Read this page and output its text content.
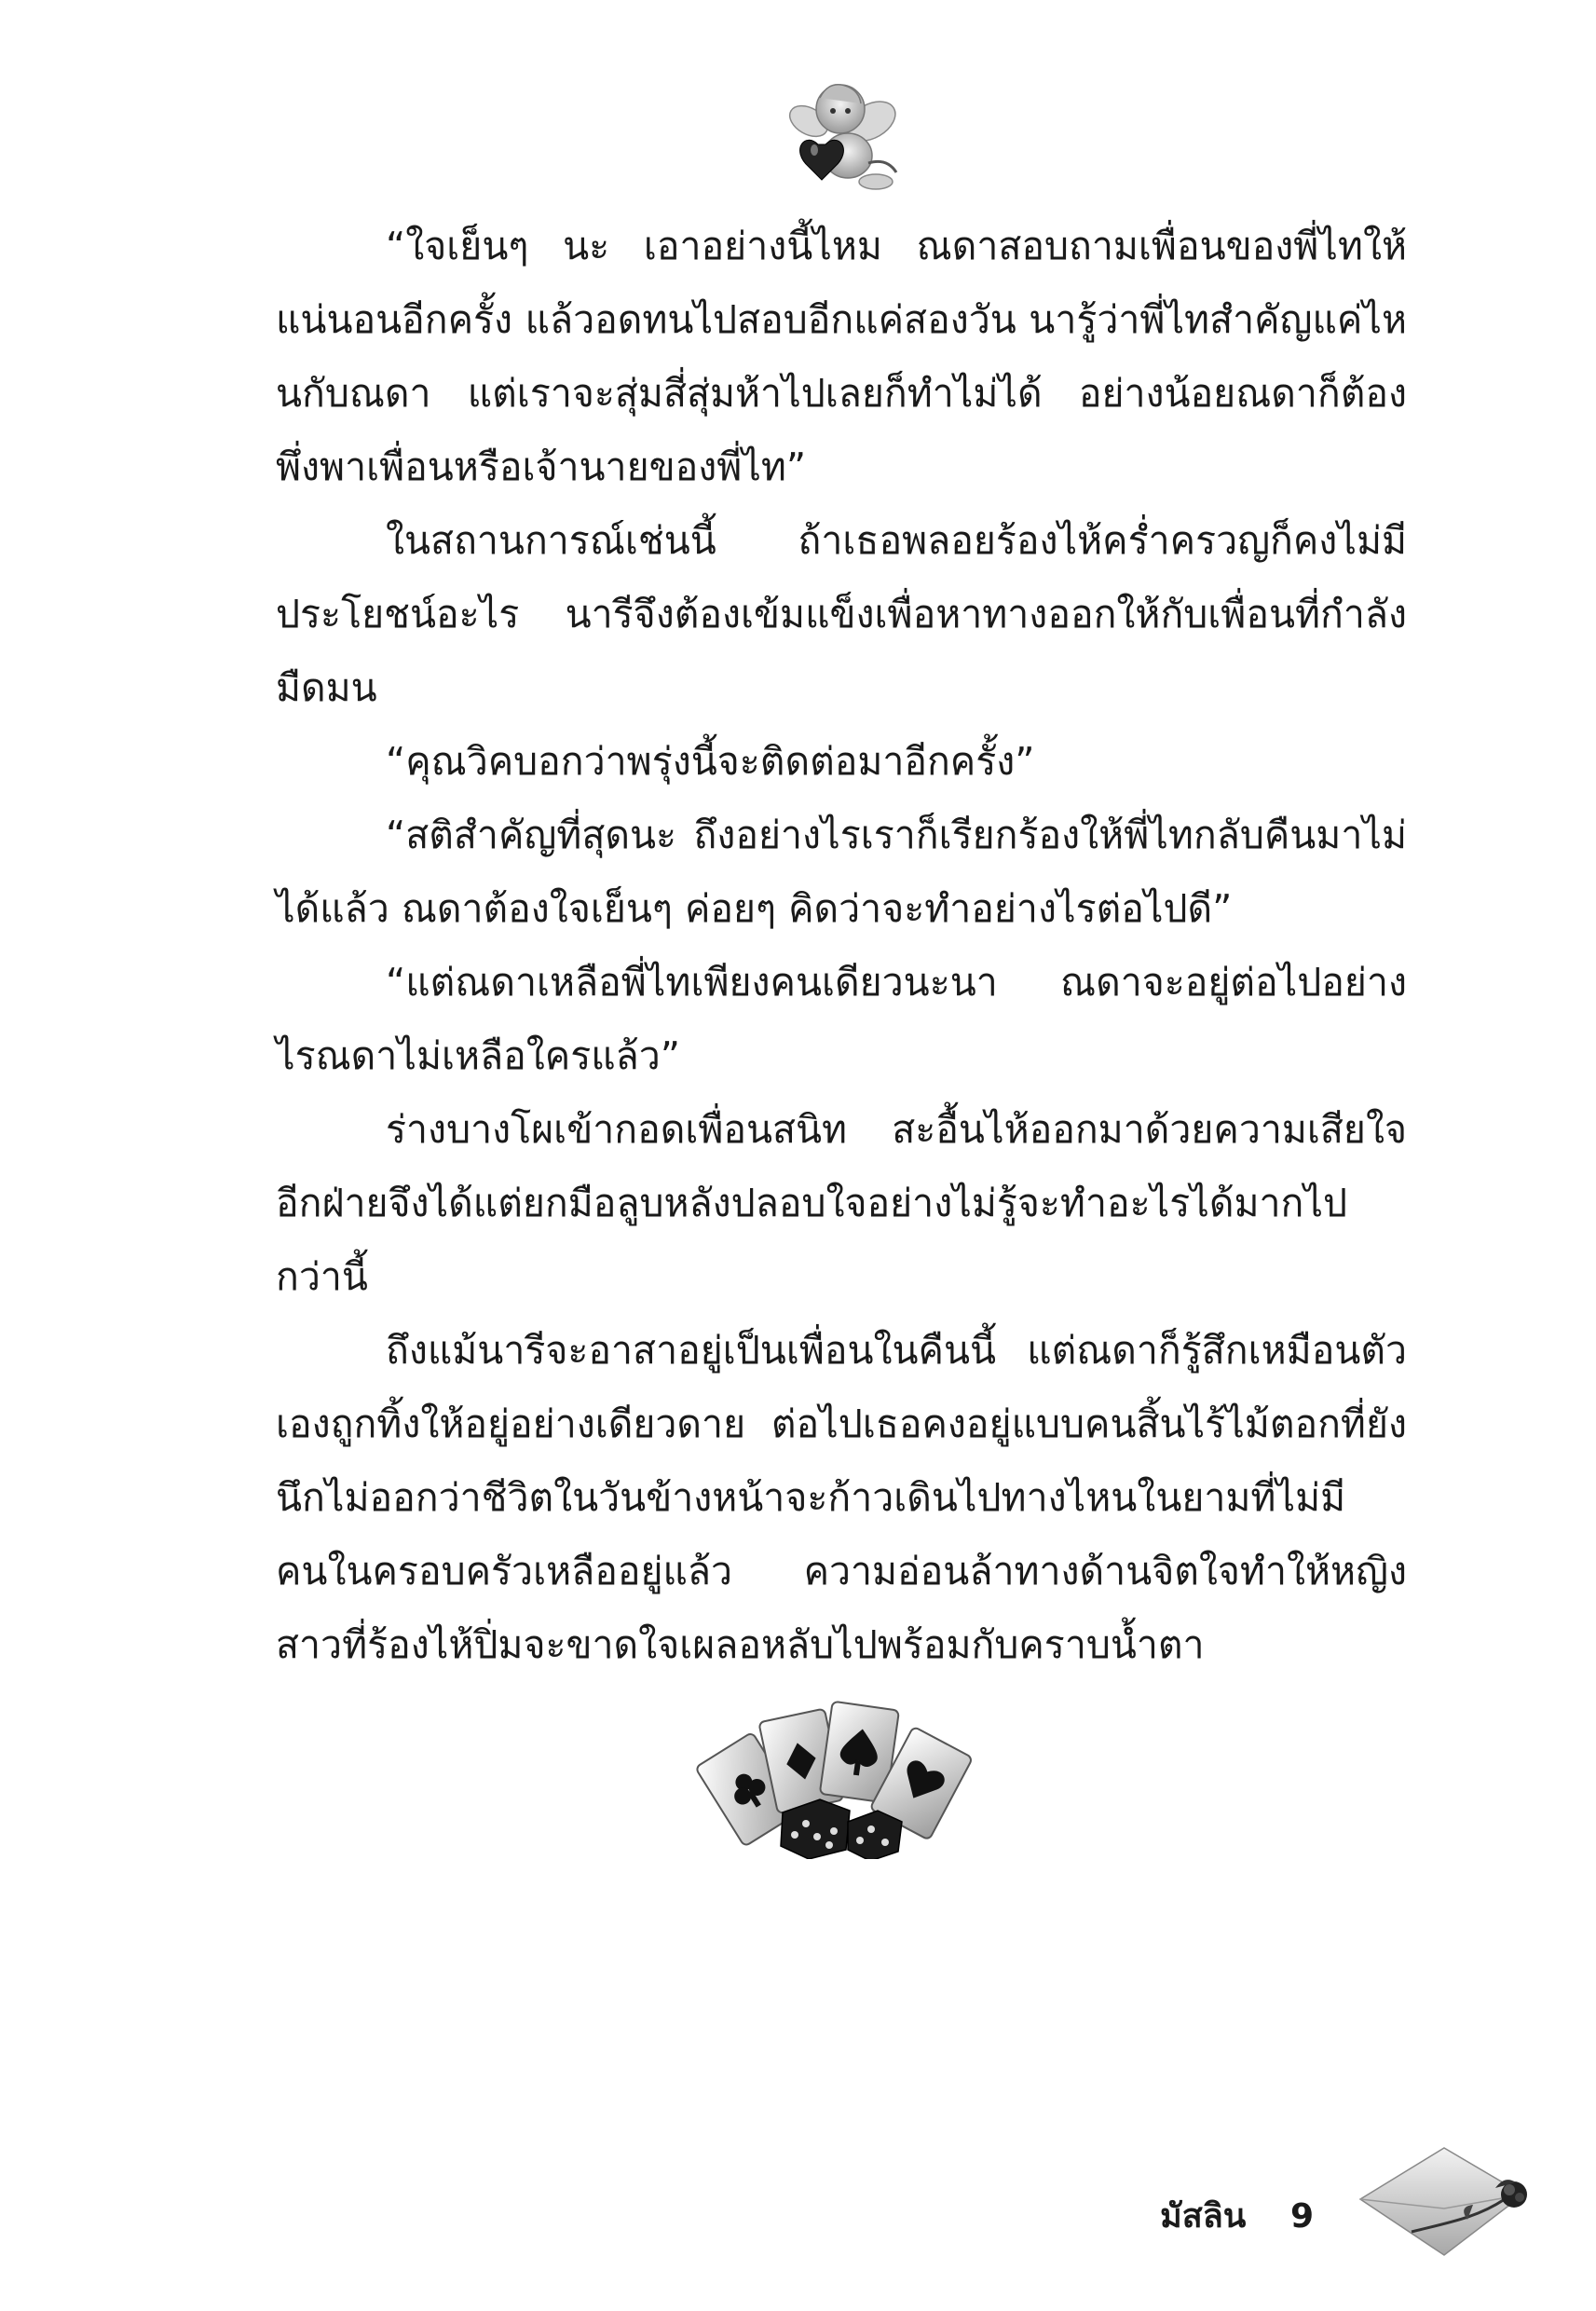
“ใจเย็นๆ นะ เอาอย่างนี้ไหม ณดาสอบถามเพื่อนของพี่ไทให้แน่นอนอีกครั้ง แล้วอดทนไปสอบอีกแค่สองวัน นารู้ว่าพี่ไทสำคัญแค่ไหนกับณดา แต่เราจะสุ่มสี่สุ่มห้าไปเลยก็ทำไม่ได้ อย่างน้อยณดาก็ต้องพึ่งพาเพื่อนหรือเจ้านายของพี่ไท”

ในสถานการณ์เช่นนี้ ถ้าเธอพลอยร้องไห้คร่ำครวญก็คงไม่มีประโยชน์อะไร นารีจึงต้องเข้มแข็งเพื่อหาทางออกให้กับเพื่อนที่กำลังมืดมน

“คุณวิคบอกว่าพรุ่งนี้จะติดต่อมาอีกครั้ง”

“สติสำคัญที่สุดนะ ถึงอย่างไรเราก็เรียกร้องให้พี่ไทกลับคืนมาไม่ได้แล้ว ณดาต้องใจเย็นๆ ค่อยๆ คิดว่าจะทำอย่างไรต่อไปดี”

“แต่ณดาเหลือพี่ไทเพียงคนเดียวนะนา ณดาจะอยู่ต่อไปอย่างไรณดาไม่เหลือใครแล้ว”

ร่างบางโผเข้ากอดเพื่อนสนิท สะอื้นไห้ออกมาด้วยความเสียใจอีกฝ่ายจึงได้แต่ยกมือลูบหลังปลอบใจอย่างไม่รู้จะทำอะไรได้มากไปกว่านี้

ถึงแม้นารีจะอาสาอยู่เป็นเพื่อนในคืนนี้ แต่ณดาก็รู้สึกเหมือนตัวเองถูกทิ้งให้อยู่อย่างเดียวดาย ต่อไปเธอคงอยู่แบบคนสิ้นไร้ไม้ตอกที่ยังนึกไม่ออกว่าชีวิตในวันข้างหน้าจะก้าวเดินไปทางไหนในยามที่ไม่มีคนในครอบครัวเหลืออยู่แล้ว ความอ่อนล้าทางด้านจิตใจทำให้หญิงสาวที่ร้องไห้ปิ่มจะขาดใจเผลอหลับไปพร้อมกับคราบน้ำตา

มัสลิน 9
